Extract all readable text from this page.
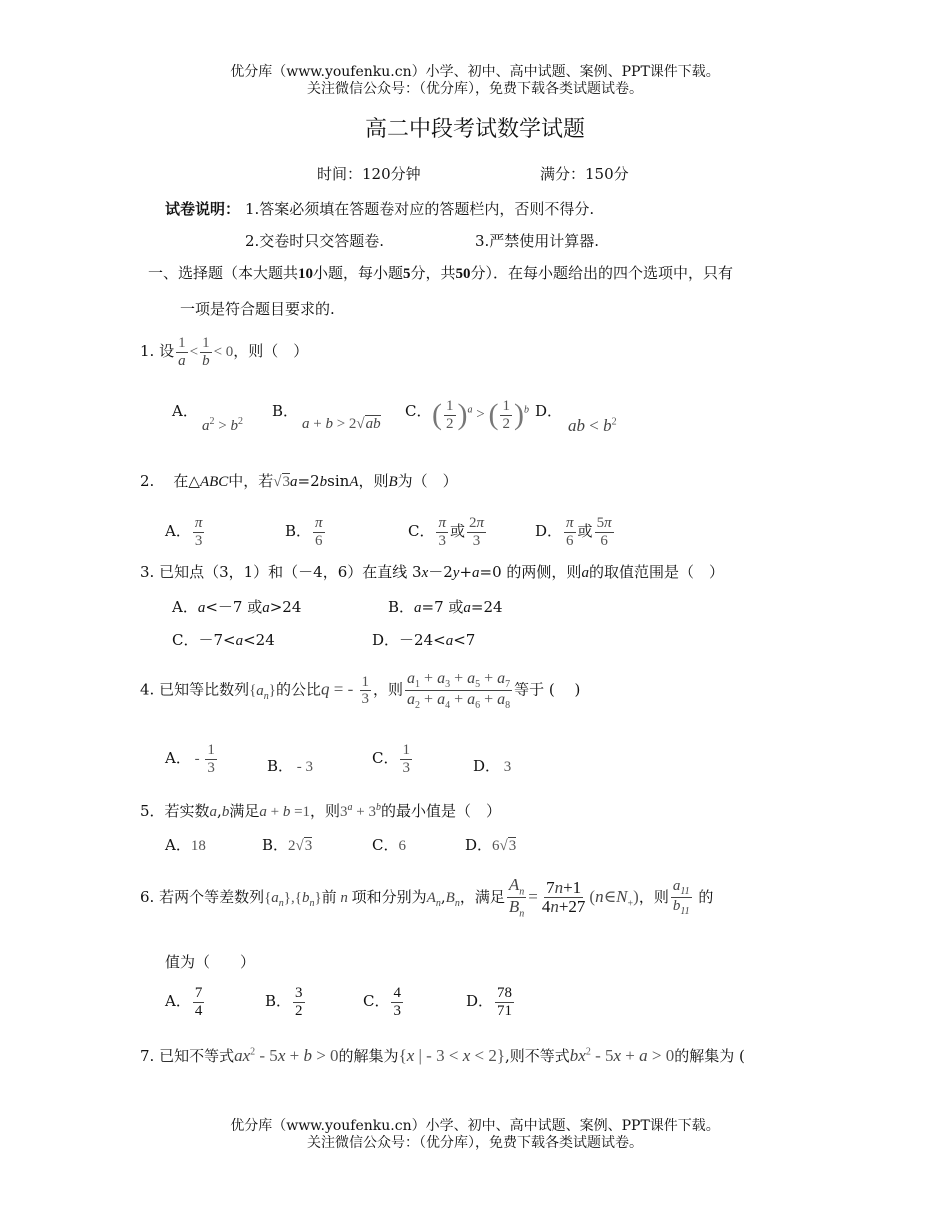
优分库（www.youfenku.cn）小学、初中、高中试题、案例、PPT课件下载。
关注微信公众号：（优分库），免费下载各类试题试卷。
高二中段考试数学试题
时间：120分钟	满分：150分
试卷说明： 1.答案必须填在答题卷对应的答题栏内，否则不得分.
2.交卷时只交答题卷.	3.严禁使用计算器.
一、选择题（本大题共10小题，每小题5分，共50分）．在每小题给出的四个选项中，只有
一项是符合题目要求的.
1. 设 $\frac{1}{a} < \frac{1}{b} < 0$，则（　）
A．
$a^2 > b^2$
B．
a + b > 2√ab
C． ( $\frac{1}{2} )^a$ > ( $\frac{1}{2} )^b$ D．
ab < $b^2$
2. 在△ABC中，若√3a=2bsinA，则B为（　）
A． $\frac{\pi}{3}$	B． $\frac{\pi}{6}$	C． $\frac{\pi}{3}$ 或 $\frac{2\pi}{3}$	D． $\frac{\pi}{6}$ 或 $\frac{5\pi}{6}$
3. 已知点（3，1）和（－4，6）在直线 3x－2y+a=0 的两侧，则a的取值范围是（　）
A．a<－7 或a>24	B．a=7 或a=24
C．－7<a<24	D．－24<a<7
4. 已知等比数列$\{a_n\}$的公比q = - $\frac{1}{3}$ ，则 $\frac{a_1 + a_3 + a_5 + a_7}{a_2 + a_4 + a_6 + a_8}$ 等于 (　 )
A． - $\frac{1}{3}$	B． - 3	C． $\frac{1}{3}$	D． 3
5．若实数a,b满足a + b =1，则$3^a + 3^b$的最小值是（　）
A．18	B．2√3	C．6	D．6√3
6. 若两个等差数列$\{a_n\},\{b_n\}$前 n 项和分别为$A_n,B_n$，满足 $\frac{A_n}{B_n} = \frac{7n+1}{4n+27}$ $(n\in N_+)$，则 $\frac{a_{11}}{b_{11}}$ 的
值为（　　）
A． $\frac{7}{4}$	B． $\frac{3}{2}$	C． $\frac{4}{3}$	D． $\frac{78}{71}$
7. 已知不等式$ax^2 - 5x + b > 0$的解集为{x | - 3 < x < 2},则不等式$bx^2 - 5x + a > 0$的解集为 (
优分库（www.youfenku.cn）小学、初中、高中试题、案例、PPT课件下载。
关注微信公众号：（优分库），免费下载各类试题试卷。
